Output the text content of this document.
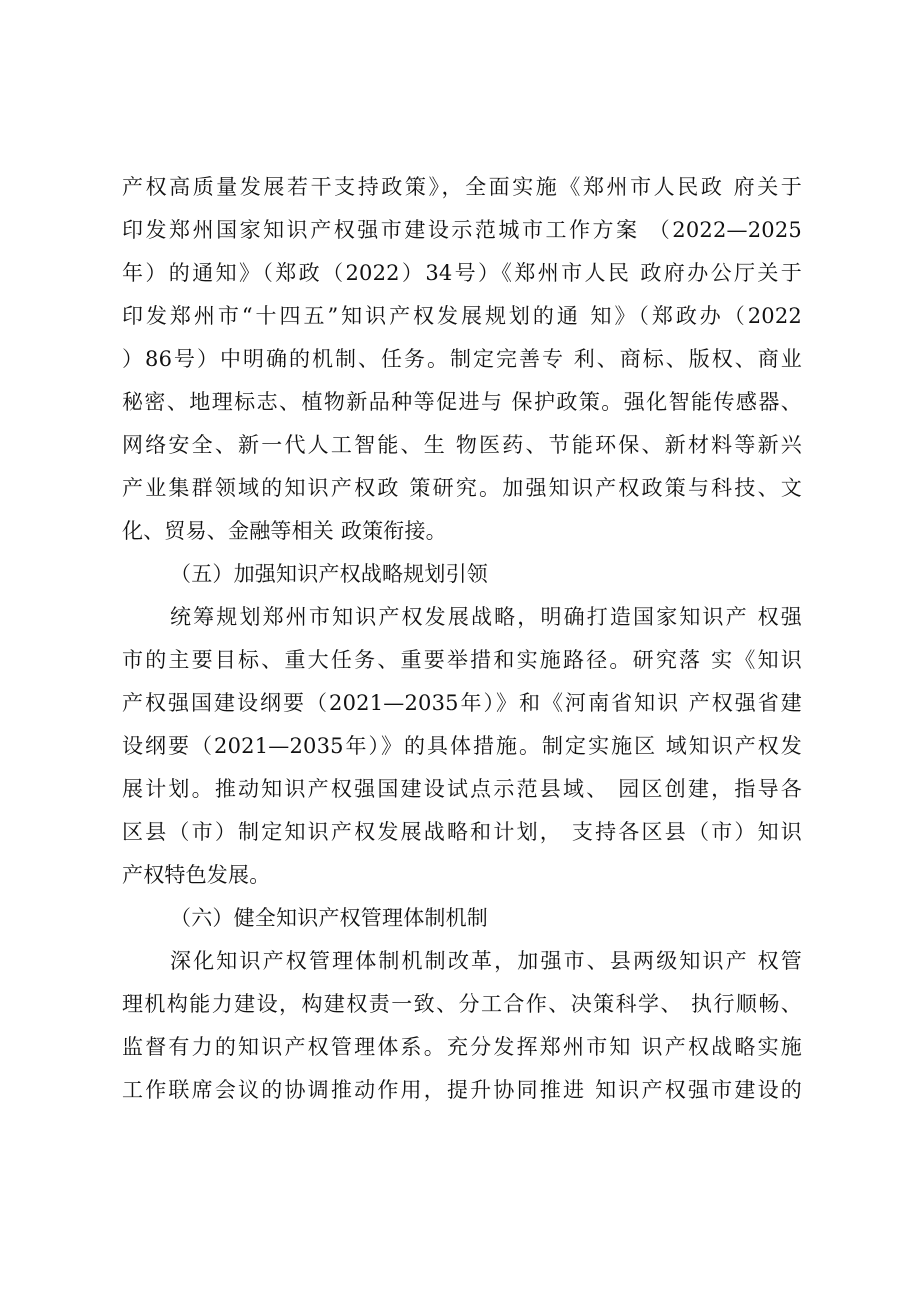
产权高质量发展若干支持政策》，全面实施《郑州市人民政 府关于
印发郑州国家知识产权强市建设示范城市工作方案 （2022—2025
年）的通知》（郑政（2022）34号）《郑州市人民 政府办公厅关于
印发郑州市“十四五”知识产权发展规划的通 知》（郑政办（2022
）86号）中明确的机制、任务。制定完善专 利、商标、版权、商业
秘密、地理标志、植物新品种等促进与 保护政策。强化智能传感器、
网络安全、新一代人工智能、生 物医药、节能环保、新材料等新兴
产业集群领域的知识产权政 策研究。加强知识产权政策与科技、文
化、贸易、金融等相关 政策衔接。
（五）加强知识产权战略规划引领
统筹规划郑州市知识产权发展战略，明确打造国家知识产 权强
市的主要目标、重大任务、重要举措和实施路径。研究落 实《知识
产权强国建设纲要（2021—2035年）》和《河南省知识 产权强省建
设纲要（2021—2035年）》的具体措施。制定实施区 域知识产权发
展计划。推动知识产权强国建设试点示范县域、 园区创建，指导各
区县（市）制定知识产权发展战略和计划， 支持各区县（市）知识
产权特色发展。
（六）健全知识产权管理体制机制
深化知识产权管理体制机制改革，加强市、县两级知识产 权管
理机构能力建设，构建权责一致、分工合作、决策科学、 执行顺畅、
监督有力的知识产权管理体系。充分发挥郑州市知 识产权战略实施
工作联席会议的协调推动作用，提升协同推进 知识产权强市建设的
